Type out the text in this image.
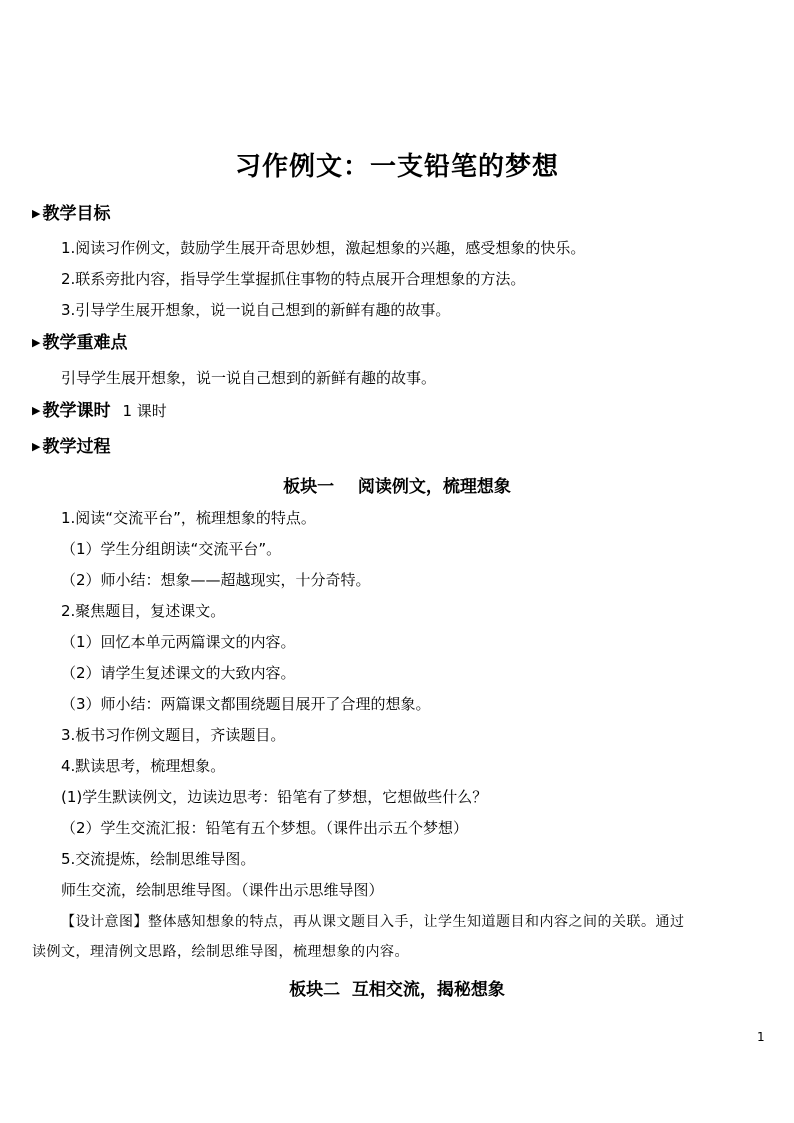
习作例文：一支铅笔的梦想
▶ 教学目标
1.阅读习作例文，鼓励学生展开奇思妙想，激起想象的兴趣，感受想象的快乐。
2.联系旁批内容，指导学生掌握抓住事物的特点展开合理想象的方法。
3.引导学生展开想象，说一说自己想到的新鲜有趣的故事。
▶ 教学重难点
引导学生展开想象，说一说自己想到的新鲜有趣的故事。
▶ 教学课时 1 课时
▶ 教学过程
板块一    阅读例文，梳理想象
1.阅读“交流平台”，梳理想象的特点。
（1）学生分组朗读“交流平台”。
（2）师小结：想象——超越现实，十分奇特。
2.聚焦题目，复述课文。
（1）回忆本单元两篇课文的内容。
（2）请学生复述课文的大致内容。
（3）师小结：两篇课文都围绕题目展开了合理的想象。
3.板书习作例文题目，齐读题目。
4.默读思考，梳理想象。
(1)学生默读例文，边读边思考：铅笔有了梦想，它想做些什么？
（2）学生交流汇报：铅笔有五个梦想。（课件出示五个梦想）
5.交流提炼，绘制思维导图。
师生交流，绘制思维导图。（课件出示思维导图）
【设计意图】整体感知想象的特点，再从课文题目入手，让学生知道题目和内容之间的关联。通过
读例文，理清例文思路，绘制思维导图，梳理想象的内容。
板块二  互相交流，揭秘想象
1
